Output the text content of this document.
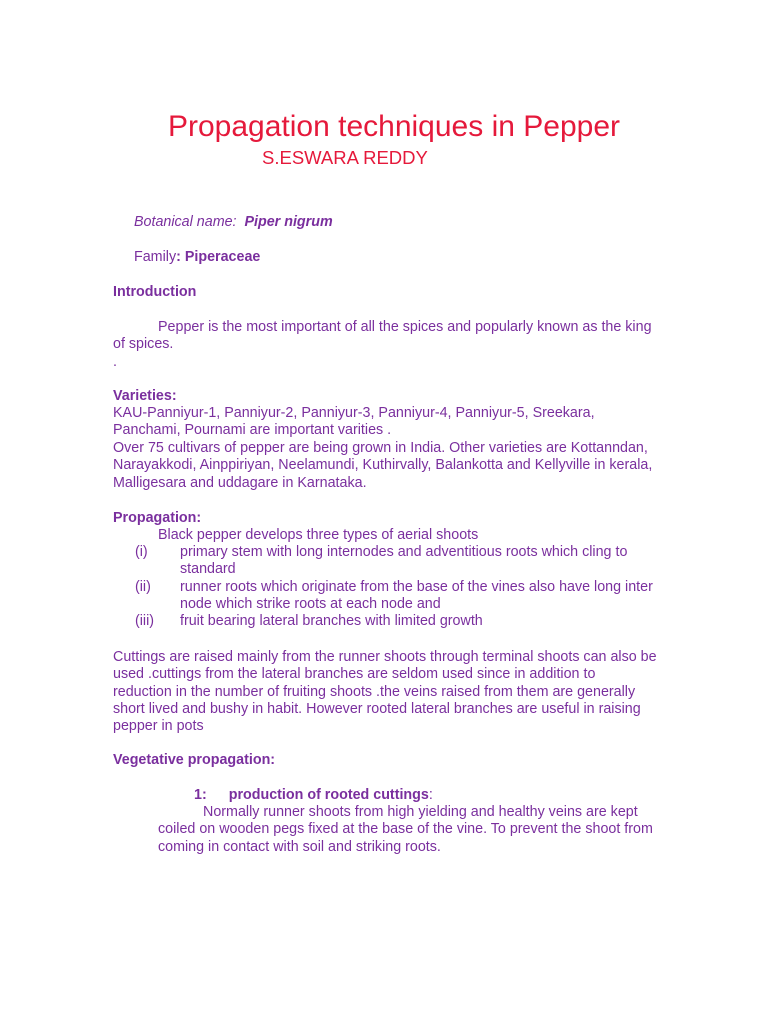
Propagation techniques in Pepper
S.ESWARA REDDY
Botanical name: Piper nigrum
Family: Piperaceae
Introduction
Pepper is the most important of all the spices and popularly known as the king of spices.
.
Varieties:
KAU-Panniyur-1, Panniyur-2, Panniyur-3, Panniyur-4, Panniyur-5, Sreekara, Panchami, Pournami are important varities .
Over 75 cultivars of pepper are being grown in India. Other varieties are Kottanndan, Narayakkodi, Ainppiriyan, Neelamundi, Kuthirvally, Balankotta and Kellyville in kerala, Malligesara and uddagare in Karnataka.
Propagation:
Black pepper develops three types of aerial shoots
(i)	primary stem with long internodes and adventitious roots which cling to standard
(ii)	runner roots which originate from the base of the vines also have long inter node which strike roots at each node and
(iii)	fruit bearing lateral branches with limited growth
Cuttings are raised mainly from the runner shoots through terminal shoots can also be used .cuttings from the lateral branches are seldom used since in addition to reduction in the number of fruiting shoots .the veins raised from them are generally short lived and bushy in habit. However rooted lateral branches are useful in raising pepper in pots
Vegetative propagation:
1: production of rooted cuttings:
Normally runner shoots from high yielding and healthy veins are kept coiled on wooden pegs fixed at the base of the vine. To prevent the shoot from coming in contact with soil and striking roots.
